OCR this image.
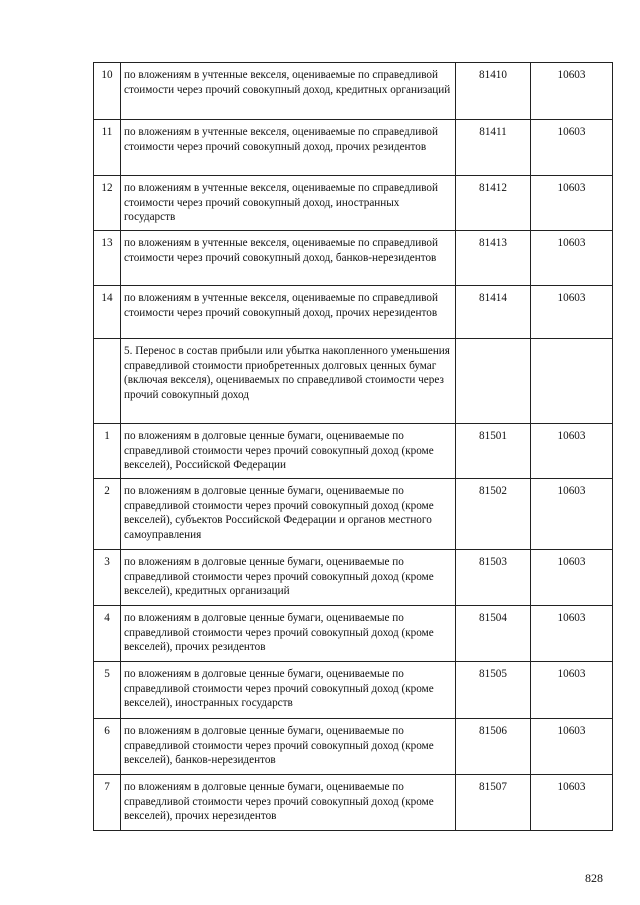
10	по вложениям в учтенные векселя, оцениваемые по справедливой стоимости через прочий совокупный доход, кредитных организаций	81410	10603
11	по вложениям в учтенные векселя, оцениваемые по справедливой стоимости через прочий совокупный доход, прочих резидентов	81411	10603
12	по вложениям в учтенные векселя, оцениваемые по справедливой стоимости через прочий совокупный доход, иностранных государств	81412	10603
13	по вложениям в учтенные векселя, оцениваемые по справедливой стоимости через прочий совокупный доход, банков-нерезидентов	81413	10603
14	по вложениям в учтенные векселя, оцениваемые по справедливой стоимости через прочий совокупный доход, прочих нерезидентов	81414	10603
	5. Перенос в состав прибыли или убытка накопленного уменьшения справедливой стоимости приобретенных долговых ценных бумаг (включая векселя), оцениваемых по справедливой стоимости через прочий совокупный доход		
1	по вложениям в долговые ценные бумаги, оцениваемые по справедливой стоимости через прочий совокупный доход (кроме векселей), Российской Федерации	81501	10603
2	по вложениям в долговые ценные бумаги, оцениваемые по справедливой стоимости через прочий совокупный доход (кроме векселей), субъектов Российской Федерации и органов местного самоуправления	81502	10603
3	по вложениям в долговые ценные бумаги, оцениваемые по справедливой стоимости через прочий совокупный доход (кроме векселей), кредитных организаций	81503	10603
4	по вложениям в долговые ценные бумаги, оцениваемые по справедливой стоимости через прочий совокупный доход (кроме векселей), прочих резидентов	81504	10603
5	по вложениям в долговые ценные бумаги, оцениваемые по справедливой стоимости через прочий совокупный доход (кроме векселей), иностранных государств	81505	10603
6	по вложениям в долговые ценные бумаги, оцениваемые по справедливой стоимости через прочий совокупный доход (кроме векселей), банков-нерезидентов	81506	10603
7	по вложениям в долговые ценные бумаги, оцениваемые по справедливой стоимости через прочий совокупный доход (кроме векселей), прочих нерезидентов	81507	10603
828
